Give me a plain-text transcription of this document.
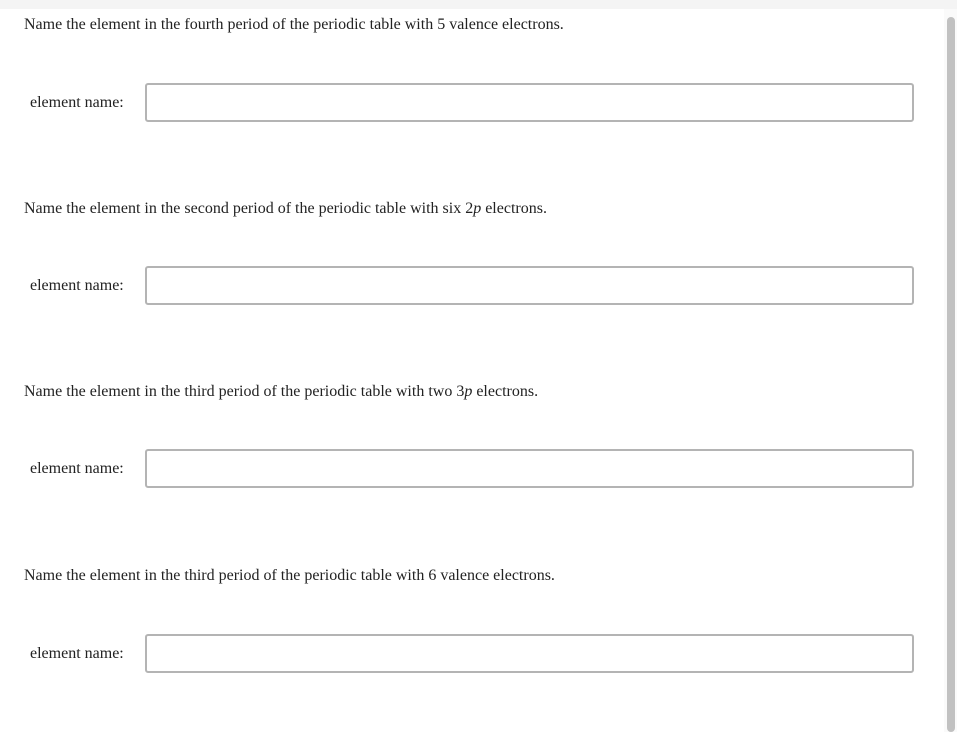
Name the element in the fourth period of the periodic table with 5 valence electrons.
element name:
Name the element in the second period of the periodic table with six 2p electrons.
element name:
Name the element in the third period of the periodic table with two 3p electrons.
element name:
Name the element in the third period of the periodic table with 6 valence electrons.
element name:
